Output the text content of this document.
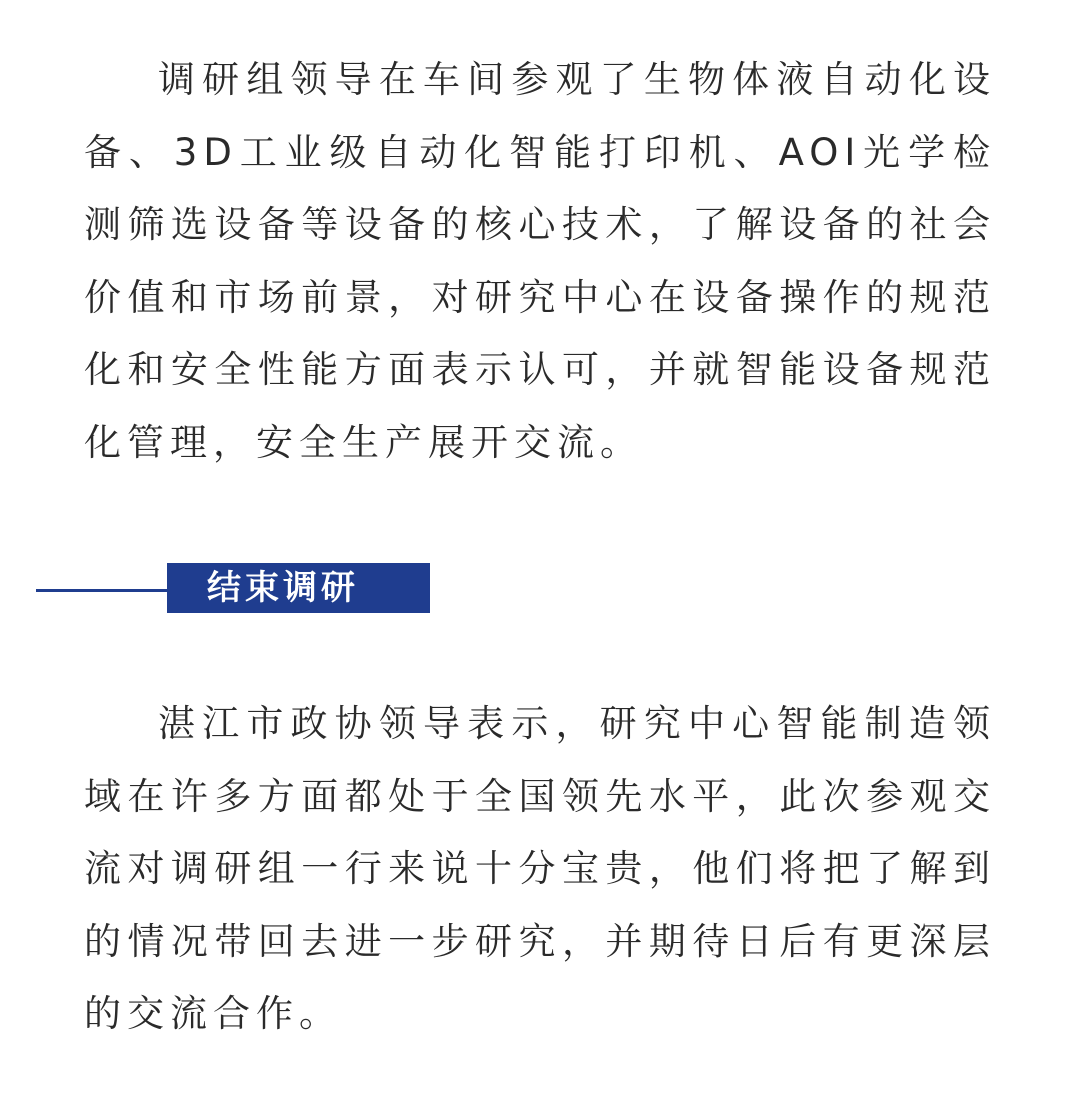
调研组领导在车间参观了生物体液自动化设备、3D工业级自动化智能打印机、AOI光学检测筛选设备等设备的核心技术，了解设备的社会价值和市场前景，对研究中心在设备操作的规范化和安全性能方面表示认可，并就智能设备规范化管理，安全生产展开交流。

结束调研

湛江市政协领导表示，研究中心智能制造领域在许多方面都处于全国领先水平，此次参观交流对调研组一行来说十分宝贵，他们将把了解到的情况带回去进一步研究，并期待日后有更深层的交流合作。
